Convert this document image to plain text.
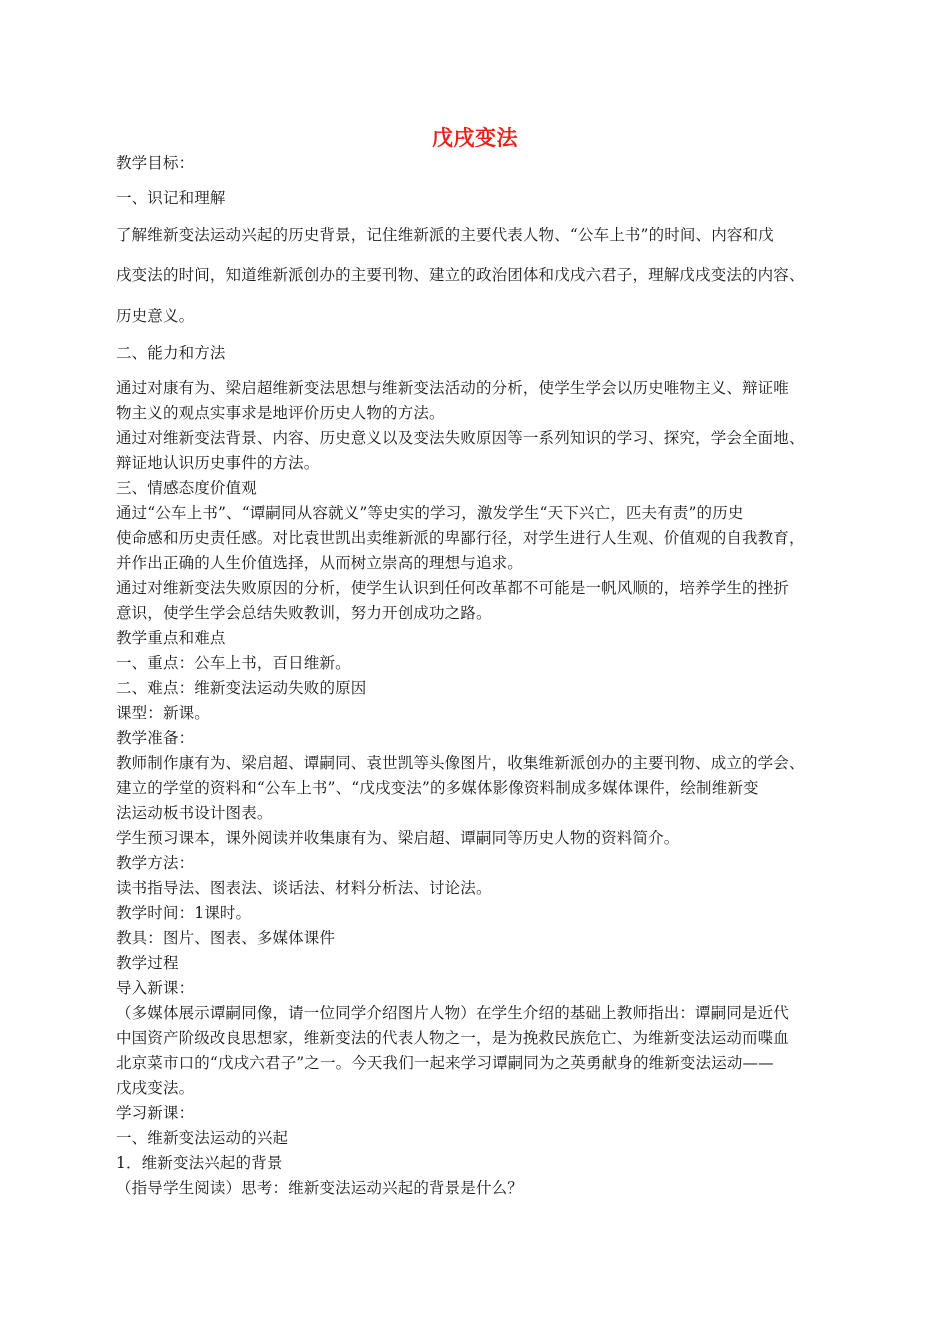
戊戌变法
教学目标：
一、识记和理解
了解维新变法运动兴起的历史背景，记住维新派的主要代表人物、“公车上书”的时间、内容和戊
戌变法的时间，知道维新派创办的主要刊物、建立的政治团体和戊戌六君子，理解戊戌变法的内容、
历史意义。
二、能力和方法
通过对康有为、梁启超维新变法思想与维新变法活动的分析，使学生学会以历史唯物主义、辩证唯
物主义的观点实事求是地评价历史人物的方法。
通过对维新变法背景、内容、历史意义以及变法失败原因等一系列知识的学习、探究，学会全面地、
辩证地认识历史事件的方法。
三、情感态度价值观
通过“公车上书”、“谭嗣同从容就义”等史实的学习，激发学生“天下兴亡，匹夫有责”的历史
使命感和历史责任感。对比袁世凯出卖维新派的卑鄙行径，对学生进行人生观、价值观的自我教育，
并作出正确的人生价值选择，从而树立崇高的理想与追求。
通过对维新变法失败原因的分析，使学生认识到任何改革都不可能是一帆风顺的，培养学生的挫折
意识，使学生学会总结失败教训，努力开创成功之路。
教学重点和难点
一、重点：公车上书，百日维新。
二、难点：维新变法运动失败的原因
课型：新课。
教学准备：
教师制作康有为、梁启超、谭嗣同、袁世凯等头像图片，收集维新派创办的主要刊物、成立的学会、
建立的学堂的资料和“公车上书”、“戊戌变法”的多媒体影像资料制成多媒体课件，绘制维新变
法运动板书设计图表。
学生预习课本，课外阅读并收集康有为、梁启超、谭嗣同等历史人物的资料简介。
教学方法：
读书指导法、图表法、谈话法、材料分析法、讨论法。
教学时间：1课时。
教具：图片、图表、多媒体课件
教学过程
导入新课：
（多媒体展示谭嗣同像，请一位同学介绍图片人物）在学生介绍的基础上教师指出：谭嗣同是近代
中国资产阶级改良思想家，维新变法的代表人物之一，是为挽救民族危亡、为维新变法运动而喋血
北京菜市口的“戊戌六君子”之一。今天我们一起来学习谭嗣同为之英勇献身的维新变法运动——
戊戌变法。
学习新课：
一、维新变法运动的兴起
1．维新变法兴起的背景
（指导学生阅读）思考：维新变法运动兴起的背景是什么？
